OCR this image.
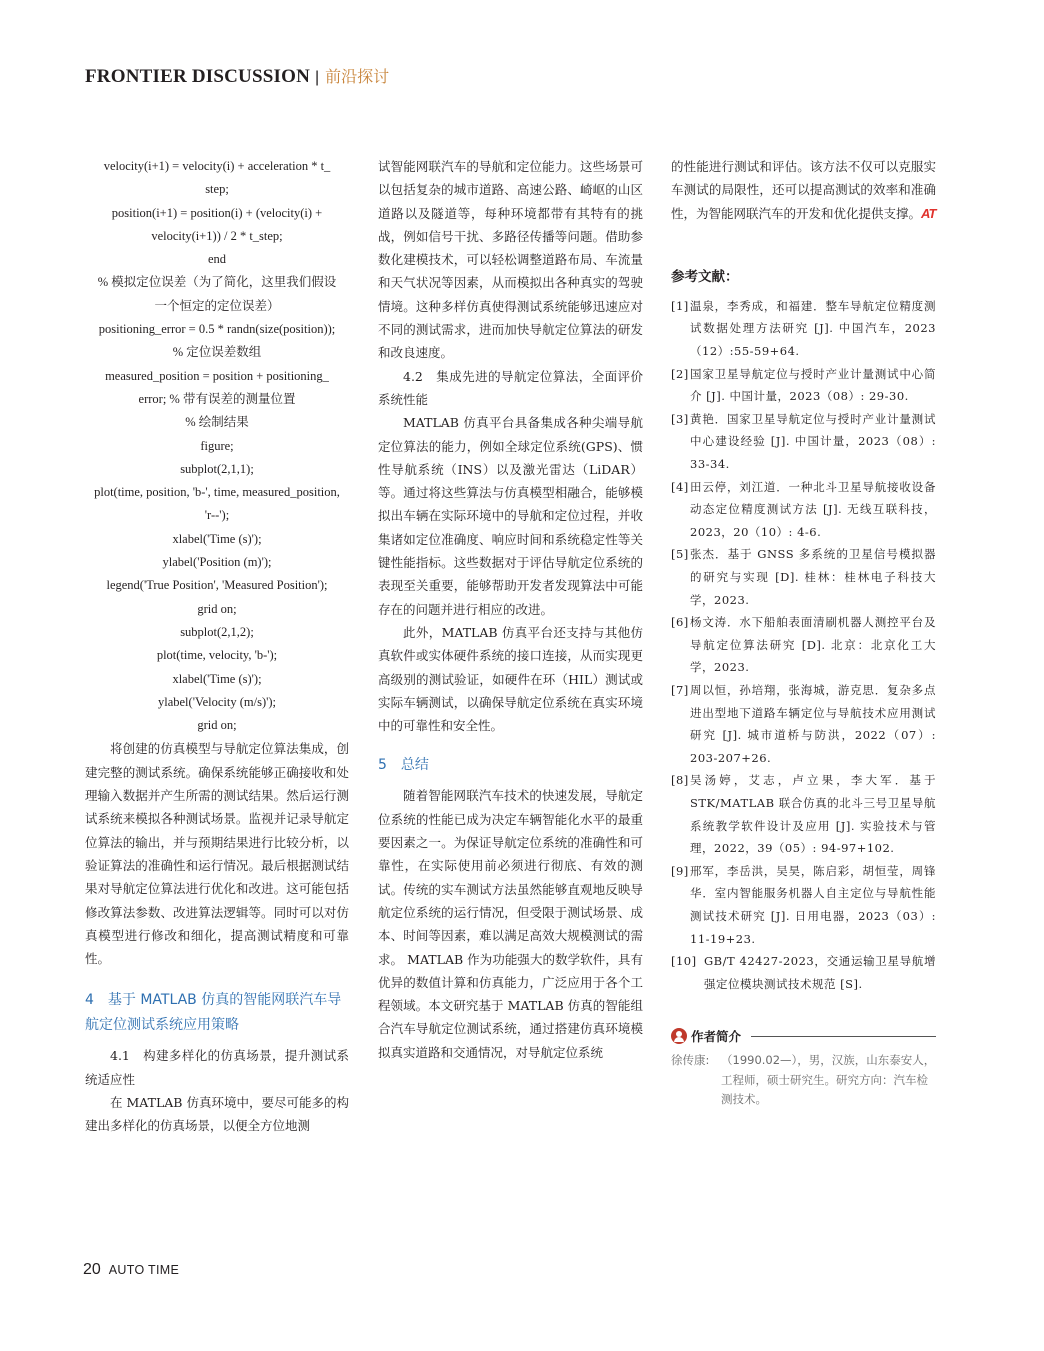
FRONTIER DISCUSSION | 前沿探讨

velocity(i+1) = velocity(i) + acceleration * t_

step;

position(i+1) = position(i) + (velocity(i) +

velocity(i+1)) / 2 * t_step;

end

% 模拟定位误差（为了简化，这里我们假设

一个恒定的定位误差）

positioning_error = 0.5 * randn(size(position));

% 定位误差数组

measured_position = position + positioning_

error; % 带有误差的测量位置

% 绘制结果

figure;

subplot(2,1,1);

plot(time, position, 'b-', time, measured_position,

'r--');

xlabel('Time (s)');

ylabel('Position (m)');

legend('True Position', 'Measured Position');

grid on;

subplot(2,1,2);

plot(time, velocity, 'b-');

xlabel('Time (s)');

ylabel('Velocity (m/s)');

grid on;

将创建的仿真模型与导航定位算法集成，创建完整的测试系统。确保系统能够正确接收和处理输入数据并产生所需的测试结果。然后运行测试系统来模拟各种测试场景。监视并记录导航定位算法的输出，并与预期结果进行比较分析，以验证算法的准确性和运行情况。最后根据测试结果对导航定位算法进行优化和改进。这可能包括修改算法参数、改进算法逻辑等。同时可以对仿真模型进行修改和细化，提高测试精度和可靠性。

4　基于 MATLAB 仿真的智能网联汽车导航定位测试系统应用策略

4.1　构建多样化的仿真场景，提升测试系统适应性

在 MATLAB 仿真环境中，要尽可能多的构建出多样化的仿真场景，以便全方位地测

试智能网联汽车的导航和定位能力。这些场景可以包括复杂的城市道路、高速公路、崎岖的山区道路以及隧道等，每种环境都带有其特有的挑战，例如信号干扰、多路径传播等问题。借助参数化建模技术，可以轻松调整道路布局、车流量和天气状况等因素，从而模拟出各种真实的驾驶情境。这种多样仿真使得测试系统能够迅速应对不同的测试需求，进而加快导航定位算法的研发和改良速度。

4.2　集成先进的导航定位算法，全面评价系统性能

MATLAB 仿真平台具备集成各种尖端导航定位算法的能力，例如全球定位系统(GPS)、惯性导航系统（INS）以及激光雷达（LiDAR）等。通过将这些算法与仿真模型相融合，能够模拟出车辆在实际环境中的导航和定位过程，并收集诸如定位准确度、响应时间和系统稳定性等关键性能指标。这些数据对于评估导航定位系统的表现至关重要，能够帮助开发者发现算法中可能存在的问题并进行相应的改进。

此外，MATLAB 仿真平台还支持与其他仿真软件或实体硬件系统的接口连接，从而实现更高级别的测试验证，如硬件在环（HIL）测试或实际车辆测试，以确保导航定位系统在真实环境中的可靠性和安全性。

5　总结

随着智能网联汽车技术的快速发展，导航定位系统的性能已成为决定车辆智能化水平的最重要因素之一。为保证导航定位系统的准确性和可靠性，在实际使用前必须进行彻底、有效的测试。传统的实车测试方法虽然能够直观地反映导航定位系统的运行情况，但受限于测试场景、成本、时间等因素，难以满足高效大规模测试的需求。 MATLAB 作为功能强大的数学软件，具有优异的数值计算和仿真能力，广泛应用于各个工程领域。本文研究基于 MATLAB 仿真的智能组合汽车导航定位测试系统，通过搭建仿真环境模拟真实道路和交通情况，对导航定位系统

的性能进行测试和评估。该方法不仅可以克服实车测试的局限性，还可以提高测试的效率和准确性，为智能网联汽车的开发和优化提供支撑。AT

参考文献：

[1] 温泉，李秀成，和福建．整车导航定位精度测试数据处理方法研究 [J]. 中国汽车，2023（12）:55-59+64.
[2] 国家卫星导航定位与授时产业计量测试中心简介 [J]. 中国计量，2023（08）: 29-30.
[3] 黄艳．国家卫星导航定位与授时产业计量测试中心建设经验 [J]. 中国计量，2023（08）: 33-34.
[4] 田云停，刘江道．一种北斗卫星导航接收设备动态定位精度测试方法 [J]. 无线互联科技，2023，20（10）: 4-6.
[5] 张杰．基于 GNSS 多系统的卫星信号模拟器的研究与实现 [D]. 桂林：桂林电子科技大学，2023.
[6] 杨文涛．水下船舶表面清刷机器人测控平台及导航定位算法研究 [D]. 北京：北京化工大学，2023.
[7] 周以恒，孙培翔，张海城，游克思．复杂多点进出型地下道路车辆定位与导航技术应用测试研究 [J]. 城市道桥与防洪，2022（07）: 203-207+26.
[8] 吴汤婷，艾志，卢立果，李大军．基于 STK/MATLAB 联合仿真的北斗三号卫星导航系统教学软件设计及应用 [J]. 实验技术与管理，2022，39（05）: 94-97+102.
[9] 邢军，李岳洪，吴昊，陈启彩，胡恒莹，周锋华．室内智能服务机器人自主定位与导航性能测试技术研究 [J]. 日用电器，2023（03）: 11-19+23.
[10] GB/T 42427-2023，交通运输卫星导航增强定位模块测试技术规范 [S].
作者简介
徐传康:	（1990.02—），男，汉族，山东泰安人，工程师，硕士研究生。研究方向：汽车检测技术。
20 AUTO TIME
